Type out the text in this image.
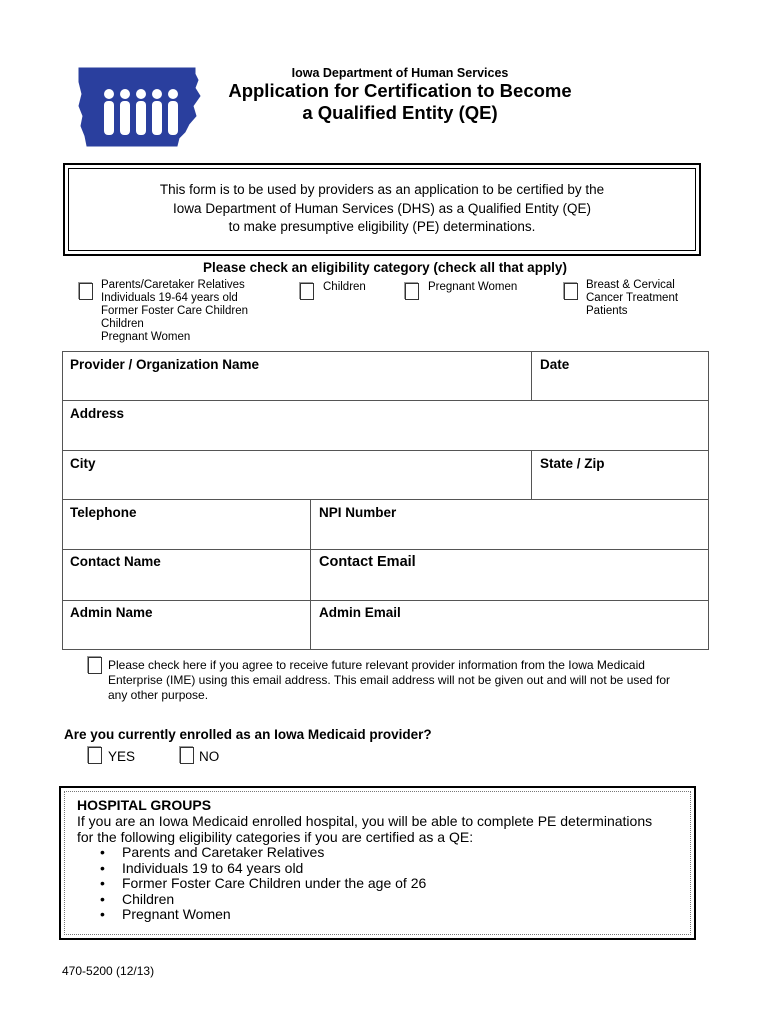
Iowa Department of Human Services
Application for Certification to Become
a Qualified Entity (QE)
This form is to be used by providers as an application to be certified by the
Iowa Department of Human Services (DHS) as a Qualified Entity (QE)
to make presumptive eligibility (PE) determinations.
Please check an eligibility category (check all that apply)
Parents/Caretaker Relatives
Individuals 19-64 years old
Former Foster Care Children
Children
Pregnant Women
Children	Pregnant Women	Breast & Cervical
Cancer Treatment
Patients
Provider / Organization Name	Date
Address
City	State / Zip
Telephone	NPI Number
Contact Name	Contact Email
Admin Name	Admin Email
Please check here if you agree to receive future relevant provider information from the Iowa Medicaid
Enterprise (IME) using this email address. This email address will not be given out and will not be used for
any other purpose.
Are you currently enrolled as an Iowa Medicaid provider?
YES	NO
HOSPITAL GROUPS
If you are an Iowa Medicaid enrolled hospital, you will be able to complete PE determinations
for the following eligibility categories if you are certified as a QE:
• Parents and Caretaker Relatives
• Individuals 19 to 64 years old
• Former Foster Care Children under the age of 26
• Children
• Pregnant Women
470-5200 (12/13)
